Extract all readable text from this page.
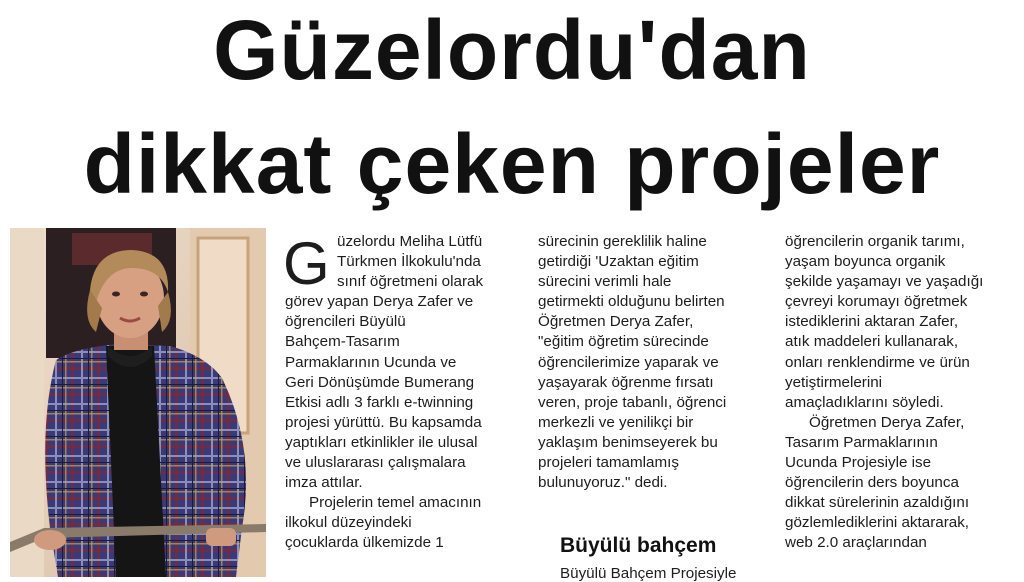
Güzelordu'dan
dikkat çeken projeler
G üzelordu Meliha Lütfü
Türkmen İlkokulu'nda
sınıf öğretmeni olarak
görev yapan Derya Zafer ve
öğrencileri Büyülü
Bahçem-Tasarım
Parmaklarının Ucunda ve
Geri Dönüşümde Bumerang
Etkisi adlı 3 farklı e-twinning
projesi yürüttü. Bu kapsamda
yaptıkları etkinlikler ile ulusal
ve uluslararası çalışmalara
imza attılar.
Projelerin temel amacının
ilkokul düzeyindeki
çocuklarda ülkemizde 1
sürecinin gereklilik haline
getirdiği 'Uzaktan eğitim
sürecini verimli hale
getirmekti olduğunu belirten
Öğretmen Derya Zafer,
"eğitim öğretim sürecinde
öğrencilerimize yaparak ve
yaşayarak öğrenme fırsatı
veren, proje tabanlı, öğrenci
merkezli ve yenilikçi bir
yaklaşım benimseyerek bu
projeleri tamamlamış
bulunuyoruz." dedi.
Büyülü bahçem
Büyülü Bahçem Projesiyle
öğrencilerin organik tarımı,
yaşam boyunca organik
şekilde yaşamayı ve yaşadığı
çevreyi korumayı öğretmek
istediklerini aktaran Zafer,
atık maddeleri kullanarak,
onları renklendirme ve ürün
yetiştirmelerini
amaçladıklarını söyledi.
Öğretmen Derya Zafer,
Tasarım Parmaklarının
Ucunda Projesiyle ise
öğrencilerin ders boyunca
dikkat sürelerinin azaldığını
gözlemlediklerini aktararak,
web 2.0 araçlarından
